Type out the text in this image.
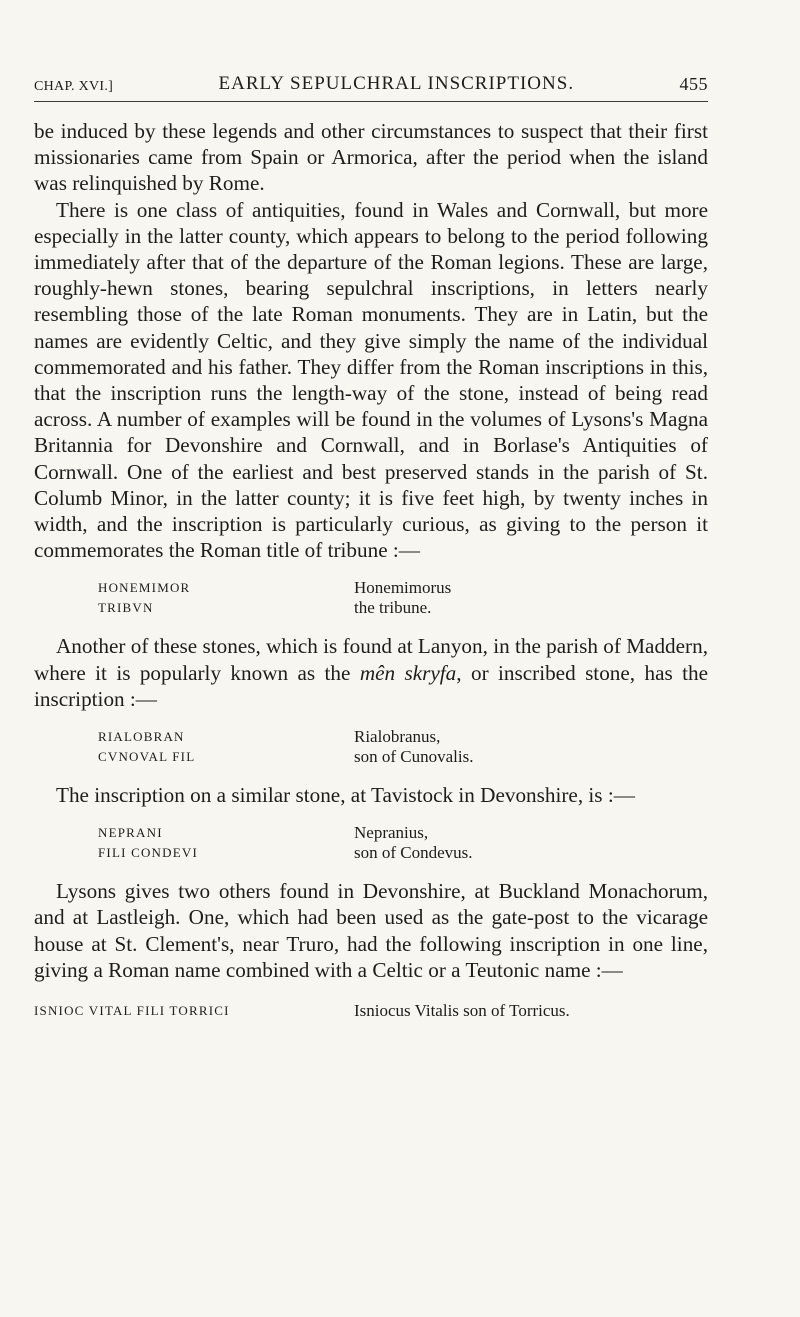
CHAP. XVI.]	EARLY SEPULCHRAL INSCRIPTIONS.	455

be induced by these legends and other circumstances to suspect that their first missionaries came from Spain or Armorica, after the period when the island was relinquished by Rome.

There is one class of antiquities, found in Wales and Cornwall, but more especially in the latter county, which appears to belong to the period following immediately after that of the departure of the Roman legions. These are large, roughly-hewn stones, bearing sepulchral inscriptions, in letters nearly resembling those of the late Roman monuments. They are in Latin, but the names are evidently Celtic, and they give simply the name of the individual commemorated and his father. They differ from the Roman inscriptions in this, that the inscription runs the length-way of the stone, instead of being read across. A number of examples will be found in the volumes of Lysons's Magna Britannia for Devonshire and Cornwall, and in Borlase's Antiquities of Cornwall. One of the earliest and best preserved stands in the parish of St. Columb Minor, in the latter county; it is five feet high, by twenty inches in width, and the inscription is particularly curious, as giving to the person it commemorates the Roman title of tribune :—

HONEMIMOR	Honemimorus
TRIBVN	the tribune.

Another of these stones, which is found at Lanyon, in the parish of Maddern, where it is popularly known as the mên skryfa, or inscribed stone, has the inscription :—

RIALOBRAN	Rialobranus,
CVNOVAL FIL	son of Cunovalis.

The inscription on a similar stone, at Tavistock in Devonshire, is :—

NEPRANI	Nepranius,
FILI CONDEVI	son of Condevus.

Lysons gives two others found in Devonshire, at Buckland Monachorum, and at Lastleigh. One, which had been used as the gate-post to the vicarage house at St. Clement's, near Truro, had the following inscription in one line, giving a Roman name combined with a Celtic or a Teutonic name :—

ISNIOC VITAL FILI TORRICI	Isniocus Vitalis son of Torricus.
